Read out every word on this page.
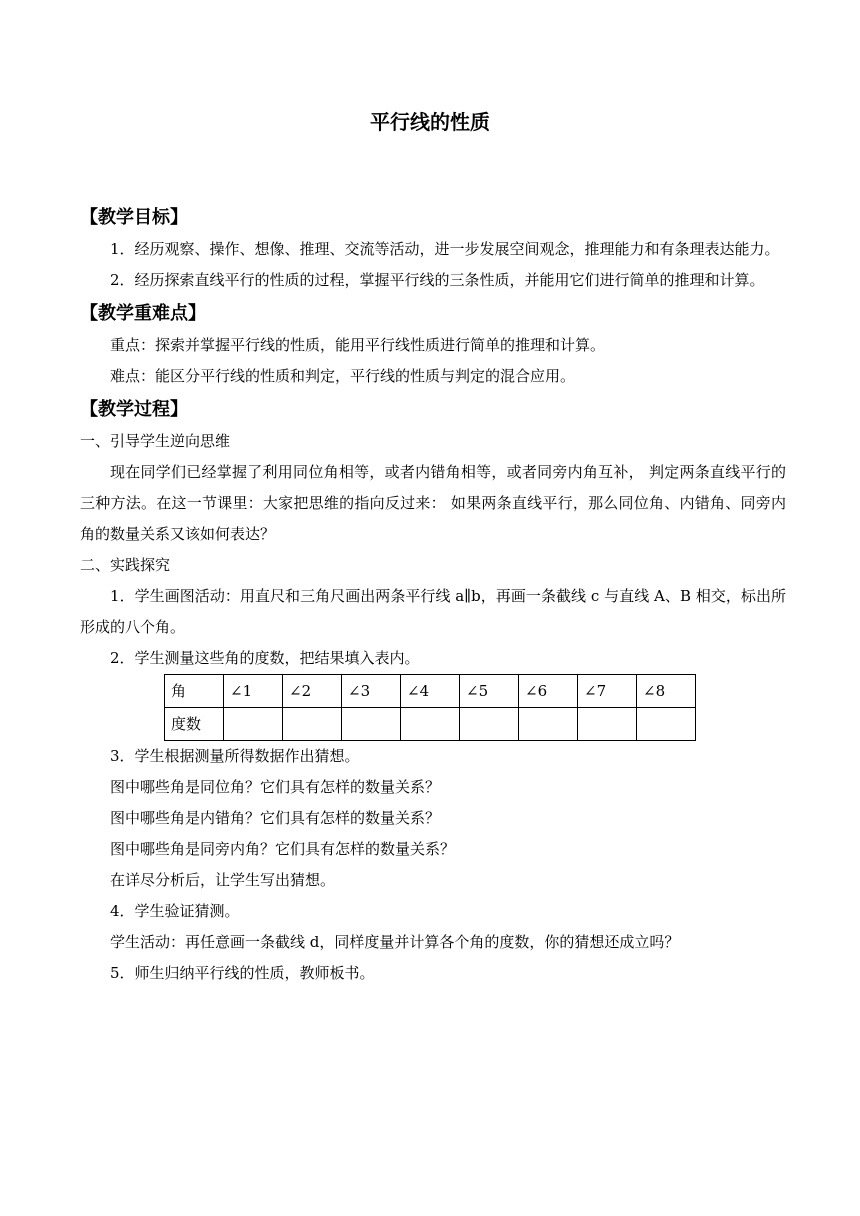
平行线的性质
【教学目标】

1．经历观察、操作、想像、推理、交流等活动，进一步发展空间观念，推理能力和有条理表达能力。

2．经历探索直线平行的性质的过程，掌握平行线的三条性质，并能用它们进行简单的推理和计算。

【教学重难点】

重点：探索并掌握平行线的性质，能用平行线性质进行简单的推理和计算。

难点：能区分平行线的性质和判定，平行线的性质与判定的混合应用。

【教学过程】

一、引导学生逆向思维

现在同学们已经掌握了利用同位角相等，或者内错角相等，或者同旁内角互补， 判定两条直线平行的三种方法。在这一节课里：大家把思维的指向反过来： 如果两条直线平行，那么同位角、内错角、同旁内角的数量关系又该如何表达？

二、实践探究

1．学生画图活动：用直尺和三角尺画出两条平行线 a∥b，再画一条截线 c 与直线 A、B 相交，标出所形成的八个角。

2．学生测量这些角的度数，把结果填入表内。

角	∠1	∠2	∠3	∠4	∠5	∠6	∠7	∠8
度数								

3．学生根据测量所得数据作出猜想。

图中哪些角是同位角？它们具有怎样的数量关系？

图中哪些角是内错角？它们具有怎样的数量关系？

图中哪些角是同旁内角？它们具有怎样的数量关系？

在详尽分析后，让学生写出猜想。

4．学生验证猜测。

学生活动：再任意画一条截线 d，同样度量并计算各个角的度数，你的猜想还成立吗？

5．师生归纳平行线的性质，教师板书。
